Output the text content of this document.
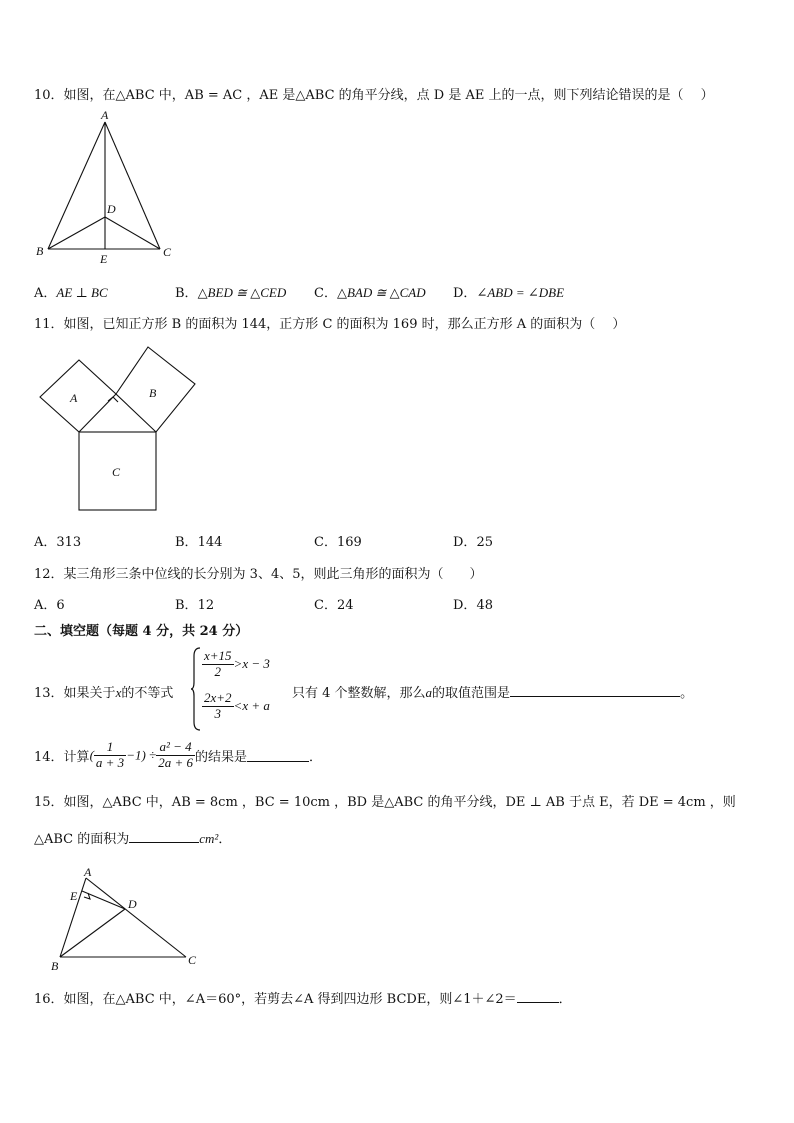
10．如图，在△ABC 中，AB = AC ，AE 是△ABC 的角平分线，点 D 是 AE 上的一点，则下列结论错误的是（　 ）
A
B	C
D
E
A．AE ⊥ BC	B．△BED ≅ △CED C．△BAD ≅ △CAD D．∠ABD = ∠DBE
11．如图，已知正方形 B 的面积为 144，正方形 C 的面积为 169 时，那么正方形 A 的面积为（　 ）
A	B
C
A．313	B．144	C．169	D．25
12．某三角形三条中位线的长分别为 3、4、5，则此三角形的面积为（　　）
A．6	B．12	C．24	D．48
二、填空题（每题 4 分，共 24 分）
13．如果关于x的不等式
$\frac{x+15}{2} >x - 3$
$\frac{2x+2}{3} <x + a$
只有 4 个整数解，那么a的取值范围是	。
14．计算( $\frac{1}{a + 3} -1) \div \frac{\text{a² − 4}}{2a + 6}$ 的结果是	．
15．如图，△ABC 中，AB = 8cm ，BC = 10cm ，BD 是△ABC 的角平分线，DE ⊥ AB 于点 E，若 DE = 4cm ，则
△ABC 的面积为	cm²．
A
E
D
B	C
16．如图，在△ABC 中，∠A＝60°，若剪去∠A 得到四边形 BCDE，则∠1＋∠2＝	．
